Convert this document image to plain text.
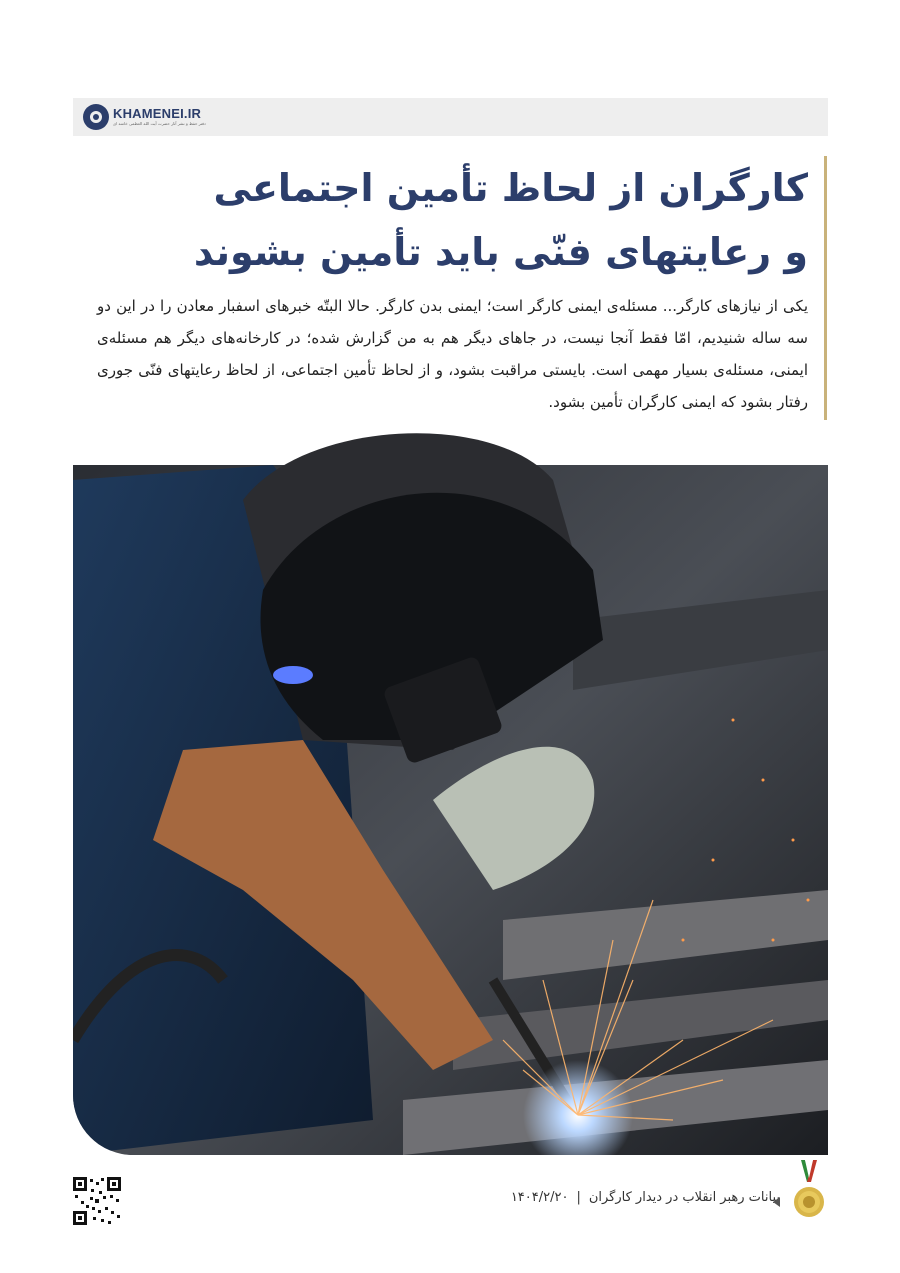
KHAMENEI.IR
دفتر حفظ و نشر آثار حضرت آیت الله العظمی خامنه ای

کارگران از لحاظ تأمین اجتماعی

و رعایتهای فنّی باید تأمین بشوند

یکی از نیازهای کارگر... مسئله‌ی ایمنی کارگر است؛ ایمنی بدن کارگر. حالا البتّه خبرهای اسفبار معادن را در این دو سه ساله شنیدیم، امّا فقط آنجا نیست، در جاهای دیگر هم به من گزارش شده؛ در کارخانه‌های دیگر هم مسئله‌ی ایمنی، مسئله‌ی بسیار مهمی است. بایستی مراقبت بشود، و از لحاظ تأمین اجتماعی، از لحاظ رعایتهای فنّی جوری رفتار بشود که ایمنی کارگران تأمین بشود.

بیانات رهبر انقلاب در دیدار کارگران
|
۱۴۰۴/۲/۲۰
